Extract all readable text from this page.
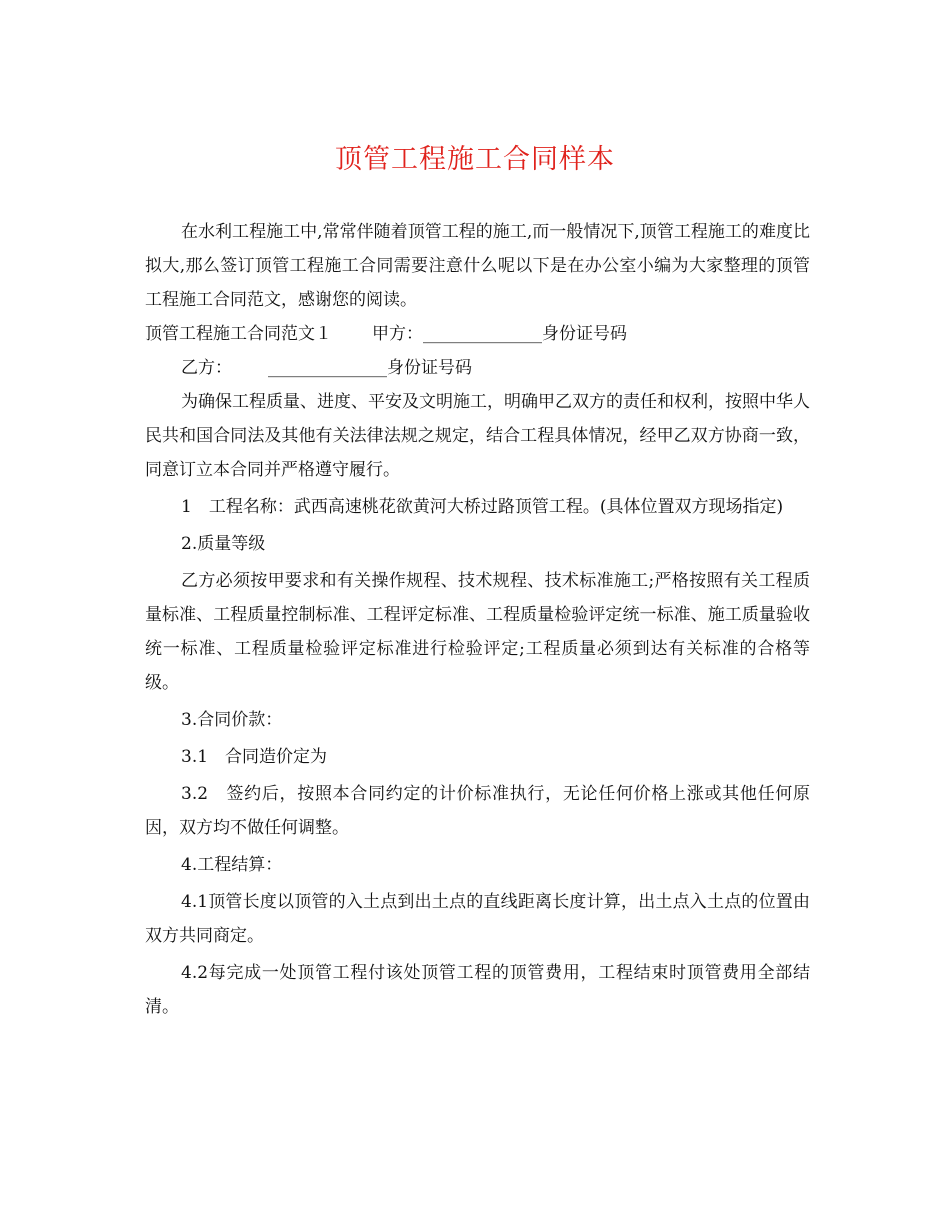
顶管工程施工合同样本

在水利工程施工中,常常伴随着顶管工程的施工,而一般情况下,顶管工程施工的难度比拟大,那么签订顶管工程施工合同需要注意什么呢以下是在办公室小编为大家整理的顶管工程施工合同范文，感谢您的阅读。

顶管工程施工合同范文１ 甲方：______________身份证号码

乙方： ______________身份证号码

为确保工程质量、进度、平安及文明施工，明确甲乙双方的责任和权利，按照中华人民共和国合同法及其他有关法律法规之规定，结合工程具体情况，经甲乙双方协商一致，同意订立本合同并严格遵守履行。

1　工程名称：武西高速桃花欲黄河大桥过路顶管工程。(具体位置双方现场指定)

2.质量等级

乙方必须按甲要求和有关操作规程、技术规程、技术标准施工;严格按照有关工程质量标准、工程质量控制标准、工程评定标准、工程质量检验评定统一标准、施工质量验收统一标准、工程质量检验评定标准进行检验评定;工程质量必须到达有关标准的合格等级。

3.合同价款：

3.1　合同造价定为

3.2　签约后，按照本合同约定的计价标准执行，无论任何价格上涨或其他任何原因，双方均不做任何调整。

4.工程结算：

4.1顶管长度以顶管的入土点到出土点的直线距离长度计算，出土点入土点的位置由双方共同商定。

4.2每完成一处顶管工程付该处顶管工程的顶管费用，工程结束时顶管费用全部结清。
